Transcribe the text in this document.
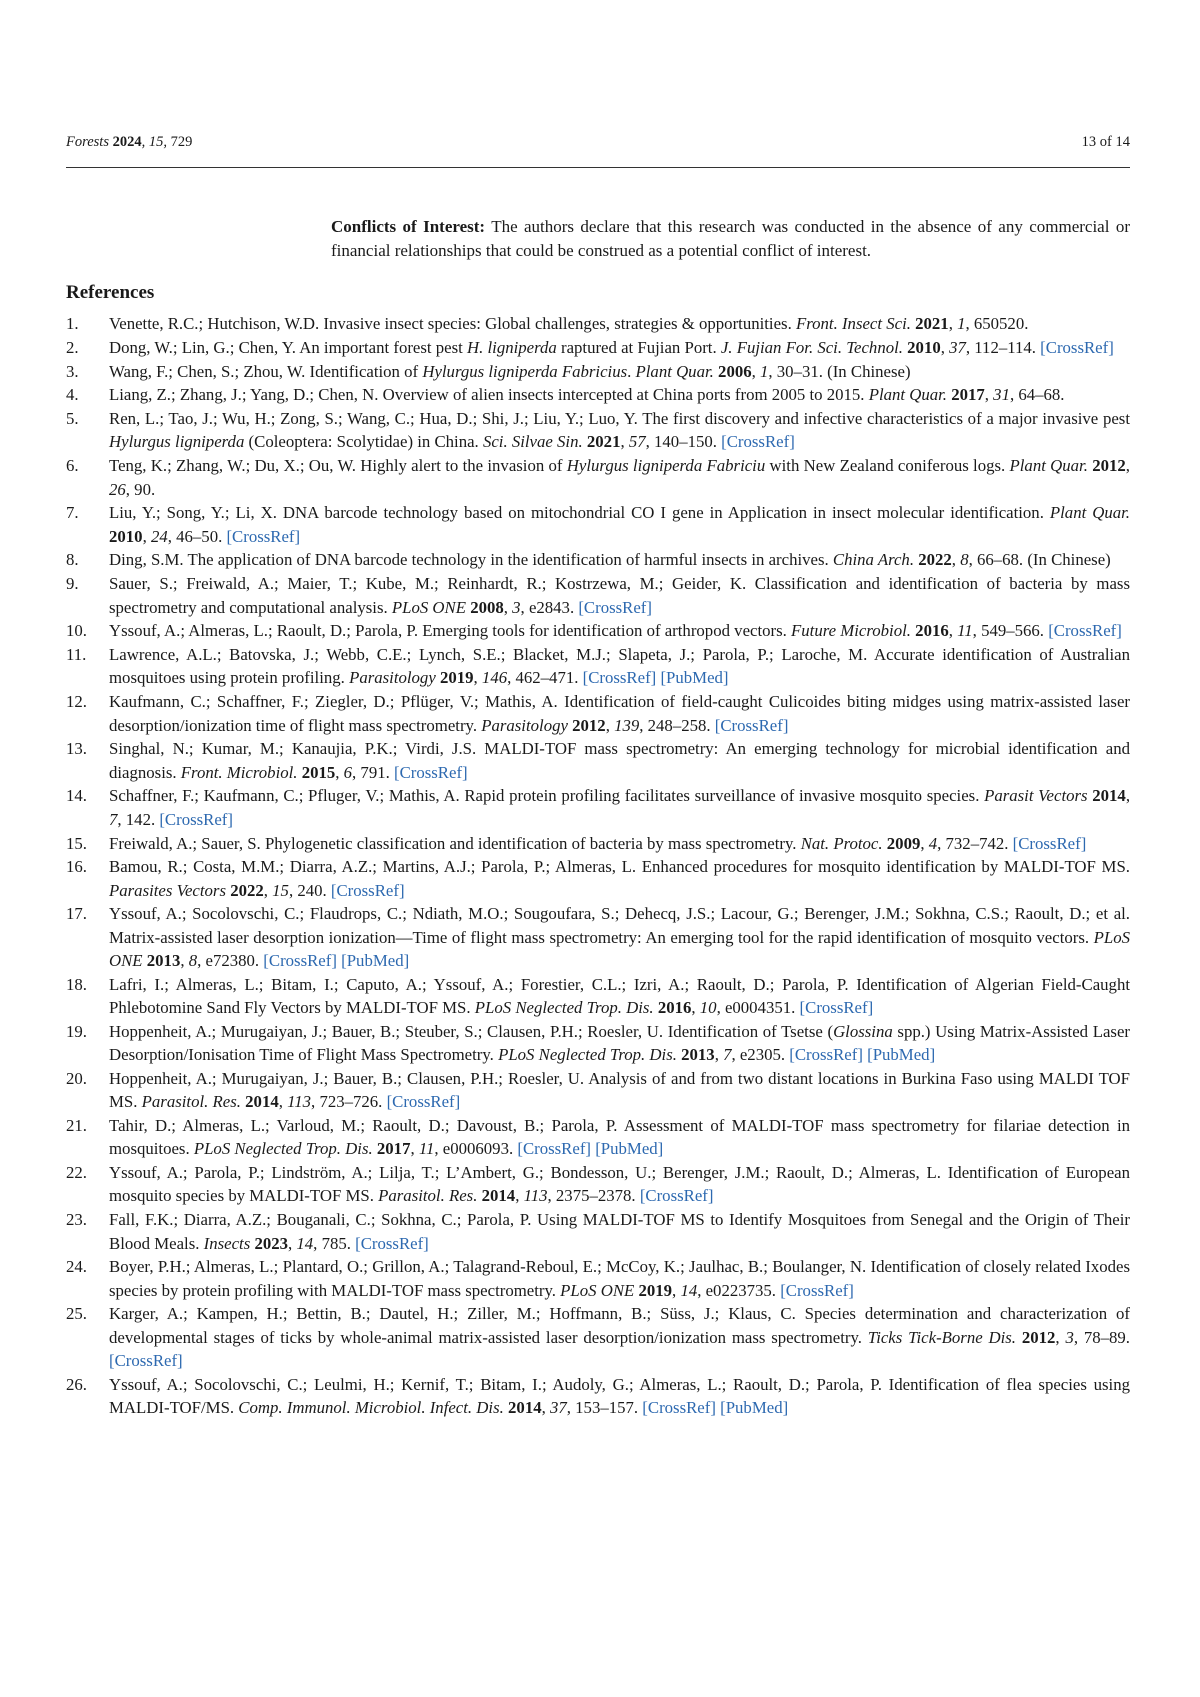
Forests 2024, 15, 729	13 of 14
Conflicts of Interest: The authors declare that this research was conducted in the absence of any commercial or financial relationships that could be construed as a potential conflict of interest.
References
1.	Venette, R.C.; Hutchison, W.D. Invasive insect species: Global challenges, strategies & opportunities. Front. Insect Sci. 2021, 1, 650520.
2.	Dong, W.; Lin, G.; Chen, Y. An important forest pest H. ligniperda raptured at Fujian Port. J. Fujian For. Sci. Technol. 2010, 37, 112–114. [CrossRef]
3.	Wang, F.; Chen, S.; Zhou, W. Identification of Hylurgus ligniperda Fabricius. Plant Quar. 2006, 1, 30–31. (In Chinese)
4.	Liang, Z.; Zhang, J.; Yang, D.; Chen, N. Overview of alien insects intercepted at China ports from 2005 to 2015. Plant Quar. 2017, 31, 64–68.
5.	Ren, L.; Tao, J.; Wu, H.; Zong, S.; Wang, C.; Hua, D.; Shi, J.; Liu, Y.; Luo, Y. The first discovery and infective characteristics of a major invasive pest Hylurgus ligniperda (Coleoptera: Scolytidae) in China. Sci. Silvae Sin. 2021, 57, 140–150. [CrossRef]
6.	Teng, K.; Zhang, W.; Du, X.; Ou, W. Highly alert to the invasion of Hylurgus ligniperda Fabriciu with New Zealand coniferous logs. Plant Quar. 2012, 26, 90.
7.	Liu, Y.; Song, Y.; Li, X. DNA barcode technology based on mitochondrial CO I gene in Application in insect molecular identification. Plant Quar. 2010, 24, 46–50. [CrossRef]
8.	Ding, S.M. The application of DNA barcode technology in the identification of harmful insects in archives. China Arch. 2022, 8, 66–68. (In Chinese)
9.	Sauer, S.; Freiwald, A.; Maier, T.; Kube, M.; Reinhardt, R.; Kostrzewa, M.; Geider, K. Classification and identification of bacteria by mass spectrometry and computational analysis. PLoS ONE 2008, 3, e2843. [CrossRef]
10.	Yssouf, A.; Almeras, L.; Raoult, D.; Parola, P. Emerging tools for identification of arthropod vectors. Future Microbiol. 2016, 11, 549–566. [CrossRef]
11.	Lawrence, A.L.; Batovska, J.; Webb, C.E.; Lynch, S.E.; Blacket, M.J.; Slapeta, J.; Parola, P.; Laroche, M. Accurate identification of Australian mosquitoes using protein profiling. Parasitology 2019, 146, 462–471. [CrossRef] [PubMed]
12.	Kaufmann, C.; Schaffner, F.; Ziegler, D.; Pflüger, V.; Mathis, A. Identification of field-caught Culicoides biting midges using matrix-assisted laser desorption/ionization time of flight mass spectrometry. Parasitology 2012, 139, 248–258. [CrossRef]
13.	Singhal, N.; Kumar, M.; Kanaujia, P.K.; Virdi, J.S. MALDI-TOF mass spectrometry: An emerging technology for microbial identification and diagnosis. Front. Microbiol. 2015, 6, 791. [CrossRef]
14.	Schaffner, F.; Kaufmann, C.; Pfluger, V.; Mathis, A. Rapid protein profiling facilitates surveillance of invasive mosquito species. Parasit Vectors 2014, 7, 142. [CrossRef]
15.	Freiwald, A.; Sauer, S. Phylogenetic classification and identification of bacteria by mass spectrometry. Nat. Protoc. 2009, 4, 732–742. [CrossRef]
16.	Bamou, R.; Costa, M.M.; Diarra, A.Z.; Martins, A.J.; Parola, P.; Almeras, L. Enhanced procedures for mosquito identification by MALDI-TOF MS. Parasites Vectors 2022, 15, 240. [CrossRef]
17.	Yssouf, A.; Socolovschi, C.; Flaudrops, C.; Ndiath, M.O.; Sougoufara, S.; Dehecq, J.S.; Lacour, G.; Berenger, J.M.; Sokhna, C.S.; Raoult, D.; et al. Matrix-assisted laser desorption ionization—Time of flight mass spectrometry: An emerging tool for the rapid identification of mosquito vectors. PLoS ONE 2013, 8, e72380. [CrossRef] [PubMed]
18.	Lafri, I.; Almeras, L.; Bitam, I.; Caputo, A.; Yssouf, A.; Forestier, C.L.; Izri, A.; Raoult, D.; Parola, P. Identification of Algerian Field-Caught Phlebotomine Sand Fly Vectors by MALDI-TOF MS. PLoS Neglected Trop. Dis. 2016, 10, e0004351. [CrossRef]
19.	Hoppenheit, A.; Murugaiyan, J.; Bauer, B.; Steuber, S.; Clausen, P.H.; Roesler, U. Identification of Tsetse (Glossina spp.) Using Matrix-Assisted Laser Desorption/Ionisation Time of Flight Mass Spectrometry. PLoS Neglected Trop. Dis. 2013, 7, e2305. [CrossRef] [PubMed]
20.	Hoppenheit, A.; Murugaiyan, J.; Bauer, B.; Clausen, P.H.; Roesler, U. Analysis of and from two distant locations in Burkina Faso using MALDI TOF MS. Parasitol. Res. 2014, 113, 723–726. [CrossRef]
21.	Tahir, D.; Almeras, L.; Varloud, M.; Raoult, D.; Davoust, B.; Parola, P. Assessment of MALDI-TOF mass spectrometry for filariae detection in mosquitoes. PLoS Neglected Trop. Dis. 2017, 11, e0006093. [CrossRef] [PubMed]
22.	Yssouf, A.; Parola, P.; Lindström, A.; Lilja, T.; L’Ambert, G.; Bondesson, U.; Berenger, J.M.; Raoult, D.; Almeras, L. Identification of European mosquito species by MALDI-TOF MS. Parasitol. Res. 2014, 113, 2375–2378. [CrossRef]
23.	Fall, F.K.; Diarra, A.Z.; Bouganali, C.; Sokhna, C.; Parola, P. Using MALDI-TOF MS to Identify Mosquitoes from Senegal and the Origin of Their Blood Meals. Insects 2023, 14, 785. [CrossRef]
24.	Boyer, P.H.; Almeras, L.; Plantard, O.; Grillon, A.; Talagrand-Reboul, E.; McCoy, K.; Jaulhac, B.; Boulanger, N. Identification of closely related Ixodes species by protein profiling with MALDI-TOF mass spectrometry. PLoS ONE 2019, 14, e0223735. [CrossRef]
25.	Karger, A.; Kampen, H.; Bettin, B.; Dautel, H.; Ziller, M.; Hoffmann, B.; Süss, J.; Klaus, C. Species determination and characterization of developmental stages of ticks by whole-animal matrix-assisted laser desorption/ionization mass spectrometry. Ticks Tick-Borne Dis. 2012, 3, 78–89. [CrossRef]
26.	Yssouf, A.; Socolovschi, C.; Leulmi, H.; Kernif, T.; Bitam, I.; Audoly, G.; Almeras, L.; Raoult, D.; Parola, P. Identification of flea species using MALDI-TOF/MS. Comp. Immunol. Microbiol. Infect. Dis. 2014, 37, 153–157. [CrossRef] [PubMed]
